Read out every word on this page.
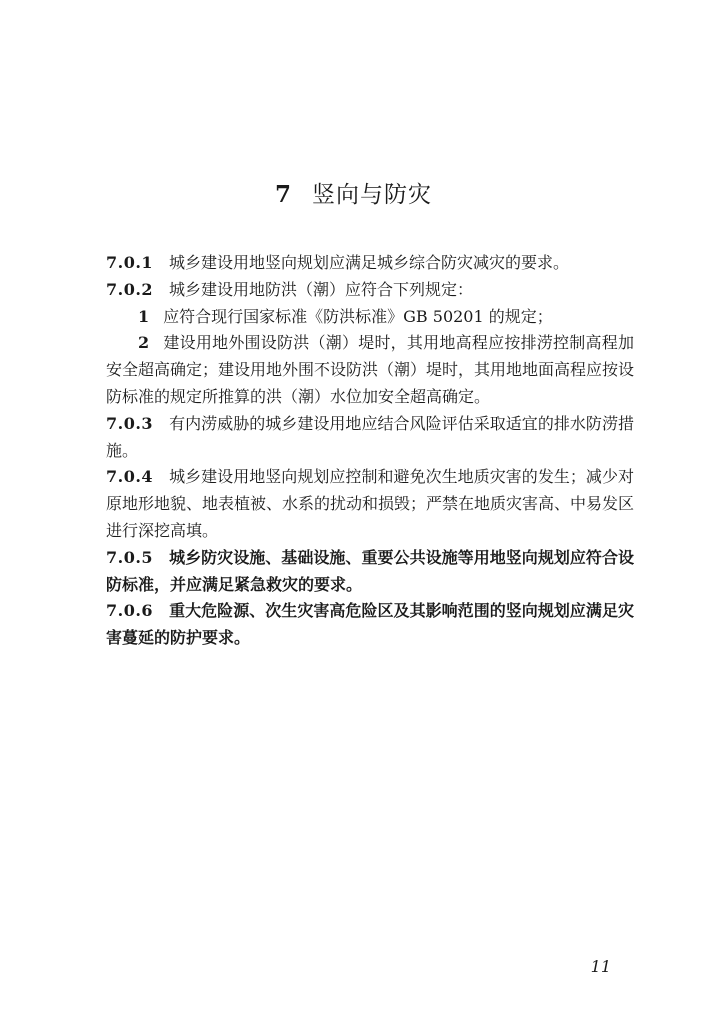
7 竖向与防灾

7.0.1 城乡建设用地竖向规划应满足城乡综合防灾减灾的要求。

7.0.2 城乡建设用地防洪（潮）应符合下列规定：

1 应符合现行国家标准《防洪标准》GB 50201 的规定；

2 建设用地外围设防洪（潮）堤时，其用地高程应按排涝控制高程加安全超高确定；建设用地外围不设防洪（潮）堤时，其用地地面高程应按设防标准的规定所推算的洪（潮）水位加安全超高确定。

7.0.3 有内涝威胁的城乡建设用地应结合风险评估采取适宜的排水防涝措施。

7.0.4 城乡建设用地竖向规划应控制和避免次生地质灾害的发生；减少对原地形地貌、地表植被、水系的扰动和损毁；严禁在地质灾害高、中易发区进行深挖高填。

7.0.5 城乡防灾设施、基础设施、重要公共设施等用地竖向规划应符合设防标准，并应满足紧急救灾的要求。

7.0.6 重大危险源、次生灾害高危险区及其影响范围的竖向规划应满足灾害蔓延的防护要求。

11
